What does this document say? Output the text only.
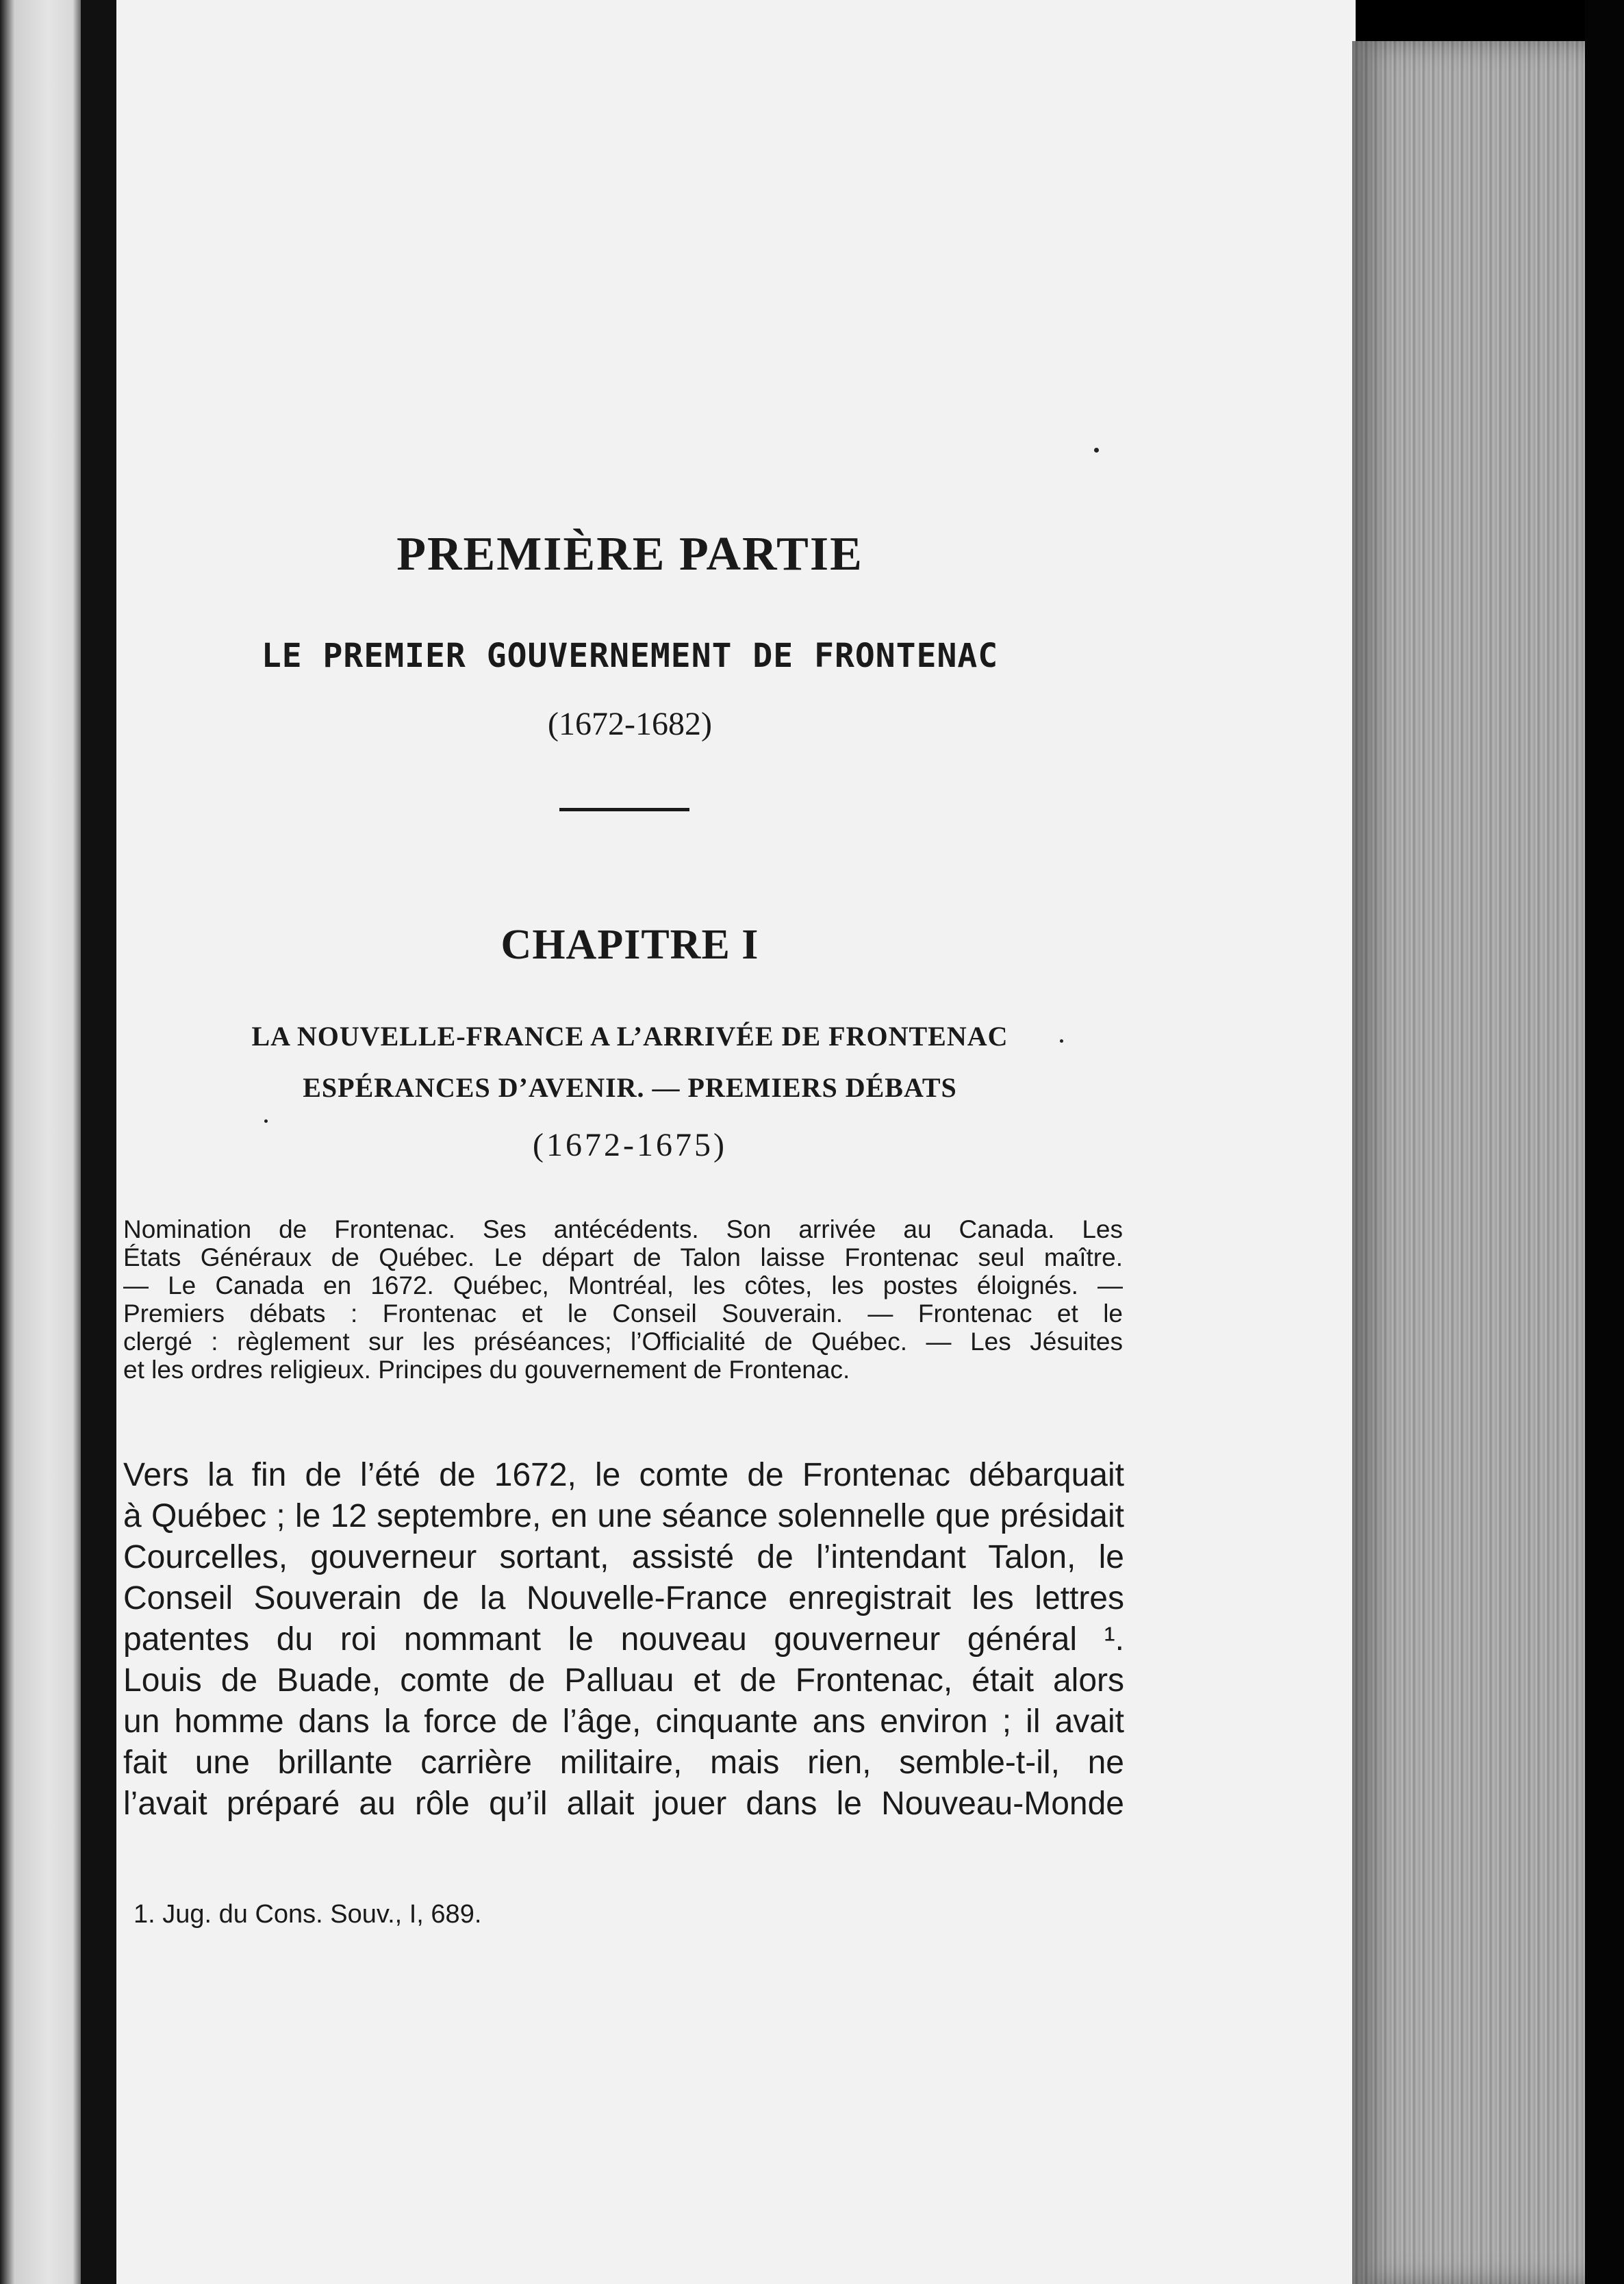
PREMIÈRE PARTIE
LE PREMIER GOUVERNEMENT DE FRONTENAC
(1672-1682)
CHAPITRE I
LA NOUVELLE-FRANCE A L’ARRIVÉE DE FRONTENAC
ESPÉRANCES D’AVENIR. — PREMIERS DÉBATS
(1672-1675)
Nomination de Frontenac. Ses antécédents. Son arrivée au Canada. Les
États Généraux de Québec. Le départ de Talon laisse Frontenac seul maître.
— Le Canada en 1672. Québec, Montréal, les côtes, les postes éloignés. —
Premiers débats : Frontenac et le Conseil Souverain. — Frontenac et le
clergé : règlement sur les préséances; l’Officialité de Québec. — Les Jésuites
et les ordres religieux. Principes du gouvernement de Frontenac.
Vers la fin de l’été de 1672, le comte de Frontenac débarquait
à Québec ; le 12 septembre, en une séance solennelle que présidait
Courcelles, gouverneur sortant, assisté de l’intendant Talon, le
Conseil Souverain de la Nouvelle-France enregistrait les lettres
patentes du roi nommant le nouveau gouverneur général ¹.
Louis de Buade, comte de Palluau et de Frontenac, était alors
un homme dans la force de l’âge, cinquante ans environ ; il avait
fait une brillante carrière militaire, mais rien, semble-t-il, ne
l’avait préparé au rôle qu’il allait jouer dans le Nouveau-Monde
1. Jug. du Cons. Souv., I, 689.
